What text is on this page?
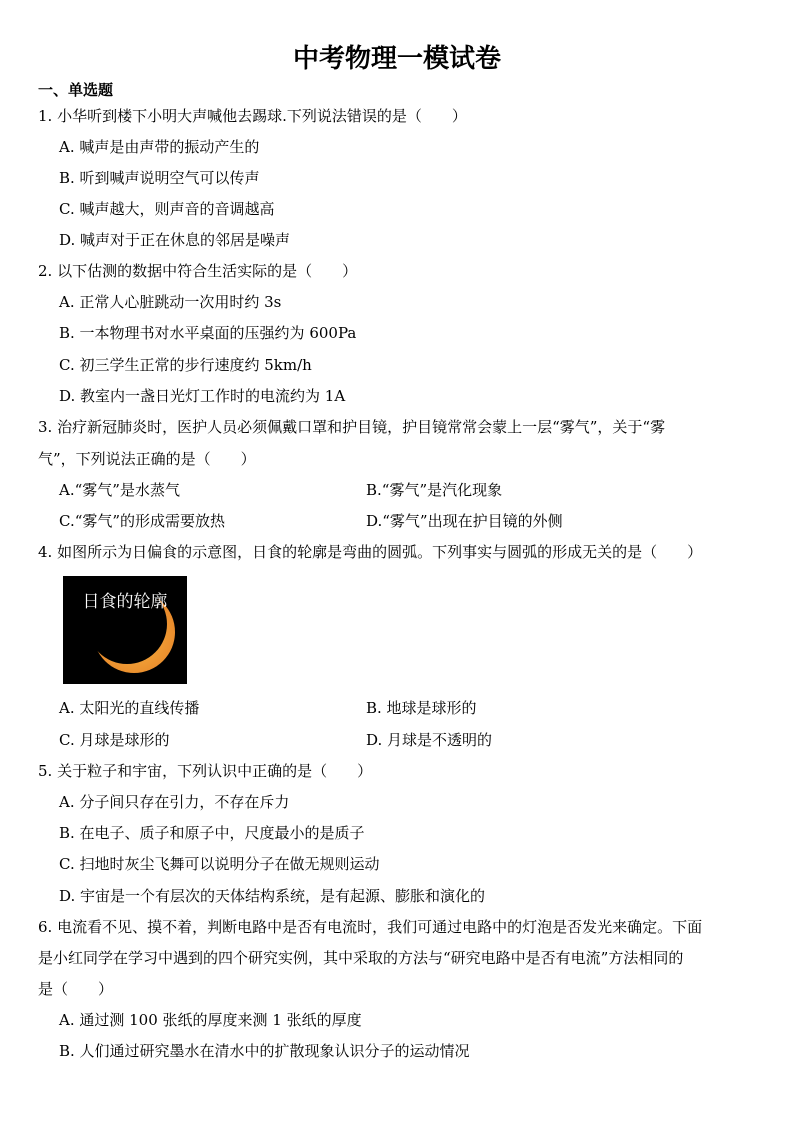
中考物理一模试卷
一、单选题
1. 小华听到楼下小明大声喊他去踢球.下列说法错误的是（　　）
A. 喊声是由声带的振动产生的
B. 听到喊声说明空气可以传声
C. 喊声越大，则声音的音调越高
D. 喊声对于正在休息的邻居是噪声
2. 以下估测的数据中符合生活实际的是（　　）
A. 正常人心脏跳动一次用时约 3s
B. 一本物理书对水平桌面的压强约为 600Pa
C. 初三学生正常的步行速度约 5km/h
D. 教室内一盏日光灯工作时的电流约为 1A
3. 治疗新冠肺炎时，医护人员必须佩戴口罩和护目镜，护目镜常常会蒙上一层“雾气”，关于“雾
气”，下列说法正确的是（　　）
A.“雾气”是水蒸气	B.“雾气”是汽化现象
C.“雾气”的形成需要放热	D.“雾气”出现在护目镜的外侧
4. 如图所示为日偏食的示意图，日食的轮廓是弯曲的圆弧。下列事实与圆弧的形成无关的是（　　）
日食的轮廓
A. 太阳光的直线传播	B. 地球是球形的
C. 月球是球形的	D. 月球是不透明的
5. 关于粒子和宇宙，下列认识中正确的是（　　）
A. 分子间只存在引力，不存在斥力
B. 在电子、质子和原子中，尺度最小的是质子
C. 扫地时灰尘飞舞可以说明分子在做无规则运动
D. 宇宙是一个有层次的天体结构系统，是有起源、膨胀和演化的
6. 电流看不见、摸不着，判断电路中是否有电流时，我们可通过电路中的灯泡是否发光来确定。下面
是小红同学在学习中遇到的四个研究实例，其中采取的方法与“研究电路中是否有电流”方法相同的
是（　　）
A. 通过测 100 张纸的厚度来测 1 张纸的厚度
B. 人们通过研究墨水在清水中的扩散现象认识分子的运动情况
